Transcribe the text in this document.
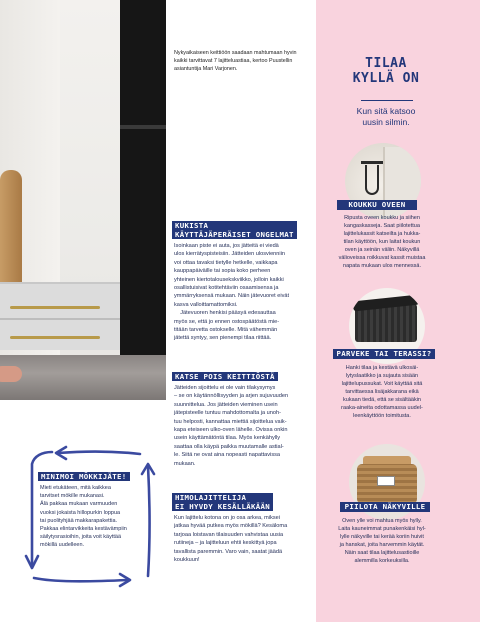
Nykyaikaiseen keittiöön saadaan mahtumaan hyvin kaikki tarvittavat 7 lajitteluastiaa, kertoo Puustellin asiantuntija Mari Varjonen.
KUKISTA
KÄYTTÄJÄPERÄISET ONGELMAT
Isoinkaan piste ei auta, jos jätteitä ei viedä
ulos kierrätyspisteisiin. Jätteiden ulosvienniin
voi ottaa tavaksi tietylle hetkelle, vaikkapa
kauppapäiväille tai sopia koko perheen
yhteinen kiertotalousekskviikko, jolloin kaikki
osallistuisivat kotitehtäviin osaamisensa ja
ymmärryksensä mukaan. Näin jätevuoret eivät
kasva valloittamattomiksi.
Jätevuoren henkisi pääsyä edesauttaa
myös se, että jo ennen ostospäätöstä mie-
titään tarvetta ostokselle. Mitä vähemmän
jätettä syntyy, sen pienempi tilaa riittää.
KATSE POIS KEITTIÖSTÄ
Jätteiden sijoittelu ei ole vain tilakysymys
– se on käytännöllisyyden ja arjen sujuvuuden
suunnittelua. Jos jätteiden vieminen usein
jätepisteelle tuntuu mahdottomalta ja unoh-
tuu helposti, kannattaa miettiä sijoittelua vaik-
kapa eteiseen ulko-oven lähelle. Ovissa onkin
usein käyttämätöntä tilaa. Myös kenkähylly
saattaa olla käypä paikka muutamalle astial-
le. Siitä ne ovat aina nopeasti napattavissa
mukaan.
HIMOLAJITTELIJA
EI HYVDY KESÄLLÄKÄÄN
Kun lajittelu kotona on jo osa arkea, miksei
jatkaa hyvää putkea myös mökillä? Kesäloma
tarjoaa loistavan tilaisuuden vahvistaa uusia
rutiineja – ja lajitteluun ehtii keskittyä jopa
tavallista paremmin. Varo vain, saatat jäädä
koukkuun!
MINIMOI MÖKKIJÄTE!
Mieti etukäteen, mitä kaikkea
tarvitset mökille mukanasi.
Älä pakkaa mukaan varmuuden
vuoksi jokaista hillopurkin loppua
tai puolityhjää makkarapakettia.
Pakkaa elintarvikkeita kestävämpiin
säilytysrasioihin, joita voit käyttää
mökillä uudelleen.
TILAA
KYLLÄ ON
Kun sitä katsoo
uusin silmin.
KOUKKU OVEEN
Ripusta oveen koukku ja siihen
kangaskasseja. Saat piilotettua
lajittelukassit katseilta ja hukka-
tilan käyttöön, kun laitat koukun
oven ja seinän väliin. Näkyvillä
välioveissa roikkuvat kassit muistaa
napata mukaan ulos mennessä.
PARVEKE TAI TERASSI?
Hanki tilaa ja kestävä ulkosäi-
lytyslaatikko ja sujauta sisään
lajittelupussukat. Voit käyttää sitä
tarvittaessa lisäjakkarana eikä
kukaan tiedä, että se sisältääkin
raaka-aineita odottamassa uudel-
leenkäyttöön toimitusta.
PIILOTA NÄKYVILLE
Oven ylle voi mahtua myös hylly.
Laita kauneimmat punakenkäisi hyl-
lylle näkyville tai kerää koriin huivit
ja hanskat, joita harvemmin käytät.
Näin saat tilaa lajittelusastioille
alemmilla korkeuksilla.
